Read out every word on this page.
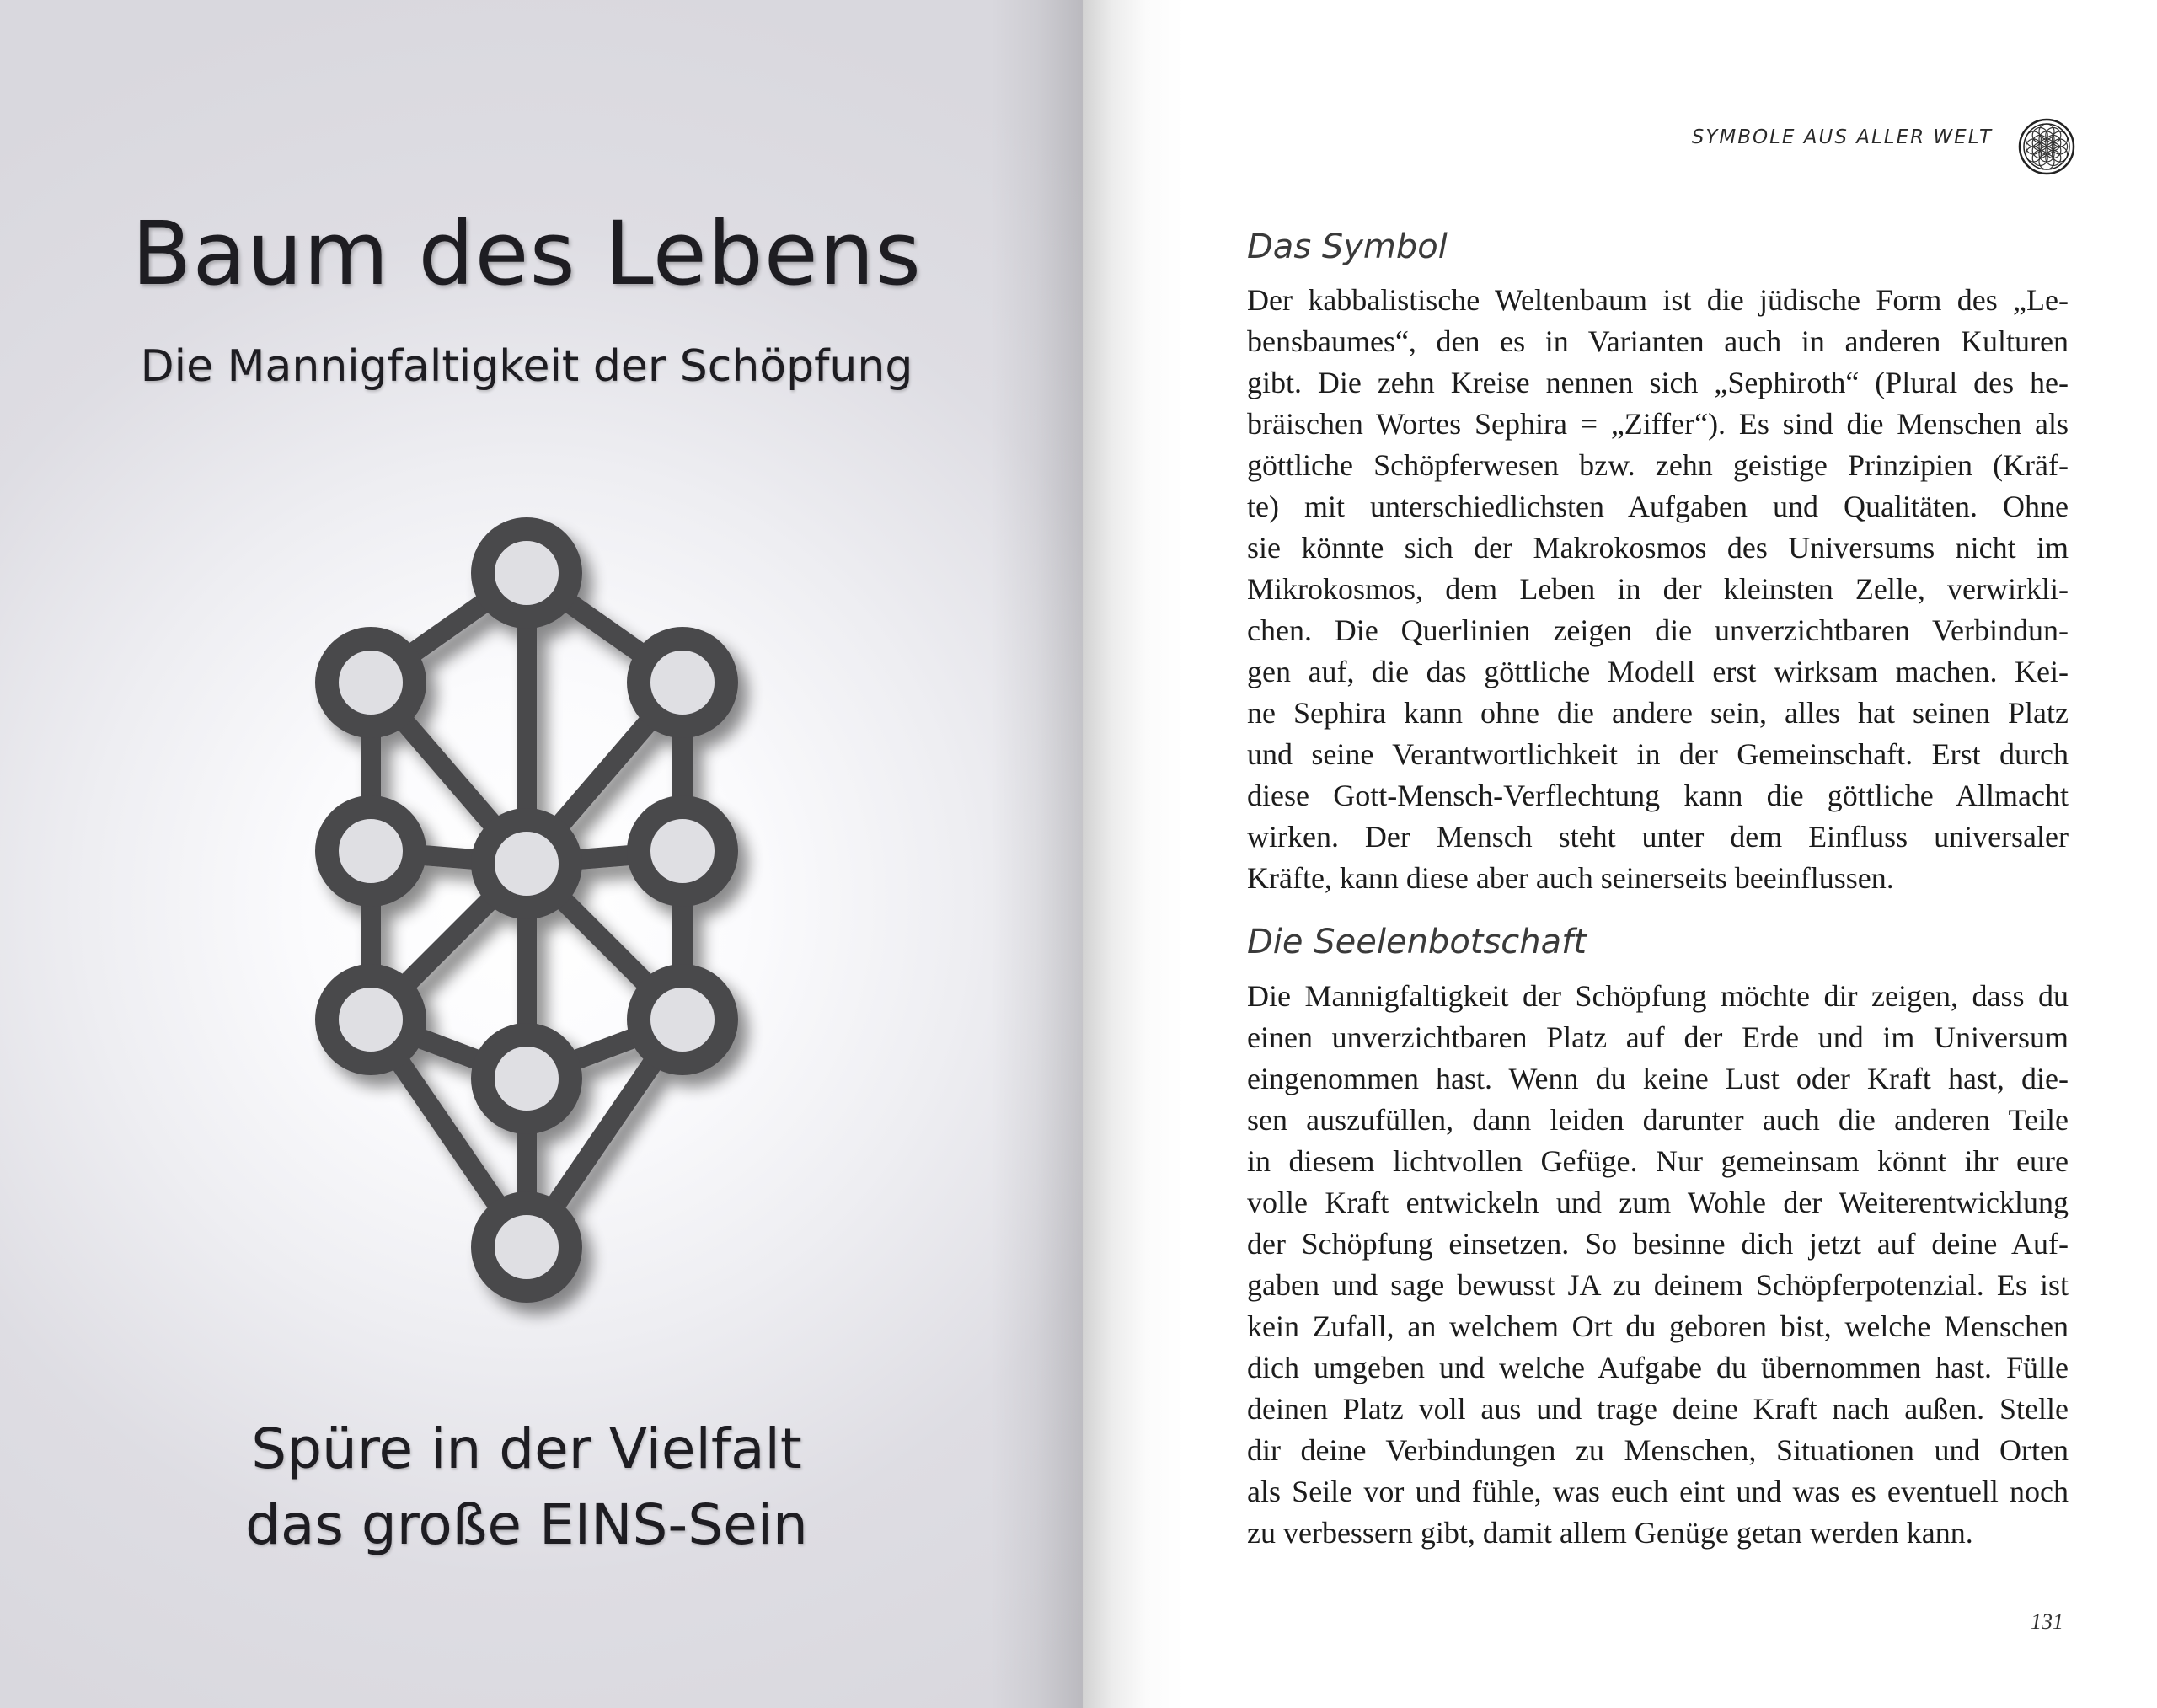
Baum des Lebens
Die Mannigfaltigkeit der Schöpfung
Spüre in der Vielfalt
das große EINS-Sein
SYMBOLE AUS ALLER WELT
Das Symbol
Der kabbalistische Weltenbaum ist die jüdische Form des „Le-
bensbaumes“, den es in Varianten auch in anderen Kulturen
gibt. Die zehn Kreise nennen sich „Sephiroth“ (Plural des he-
bräischen Wortes Sephira = „Ziffer“). Es sind die Menschen als
göttliche Schöpferwesen bzw. zehn geistige Prinzipien (Kräf-
te) mit unterschiedlichsten Aufgaben und Qualitäten. Ohne
sie könnte sich der Makrokosmos des Universums nicht im
Mikrokosmos, dem Leben in der kleinsten Zelle, verwirkli-
chen. Die Querlinien zeigen die unverzichtbaren Verbindun-
gen auf, die das göttliche Modell erst wirksam machen. Kei-
ne Sephira kann ohne die andere sein, alles hat seinen Platz
und seine Verantwortlichkeit in der Gemeinschaft. Erst durch
diese Gott-Mensch-Verflechtung kann die göttliche Allmacht
wirken. Der Mensch steht unter dem Einfluss universaler
Kräfte, kann diese aber auch seinerseits beeinflussen.
Die Seelenbotschaft
Die Mannigfaltigkeit der Schöpfung möchte dir zeigen, dass du
einen unverzichtbaren Platz auf der Erde und im Universum
eingenommen hast. Wenn du keine Lust oder Kraft hast, die-
sen auszufüllen, dann leiden darunter auch die anderen Teile
in diesem lichtvollen Gefüge. Nur gemeinsam könnt ihr eure
volle Kraft entwickeln und zum Wohle der Weiterentwicklung
der Schöpfung einsetzen. So besinne dich jetzt auf deine Auf-
gaben und sage bewusst JA zu deinem Schöpferpotenzial. Es ist
kein Zufall, an welchem Ort du geboren bist, welche Menschen
dich umgeben und welche Aufgabe du übernommen hast. Fülle
deinen Platz voll aus und trage deine Kraft nach außen. Stelle
dir deine Verbindungen zu Menschen, Situationen und Orten
als Seile vor und fühle, was euch eint und was es eventuell noch
zu verbessern gibt, damit allem Genüge getan werden kann.
131
